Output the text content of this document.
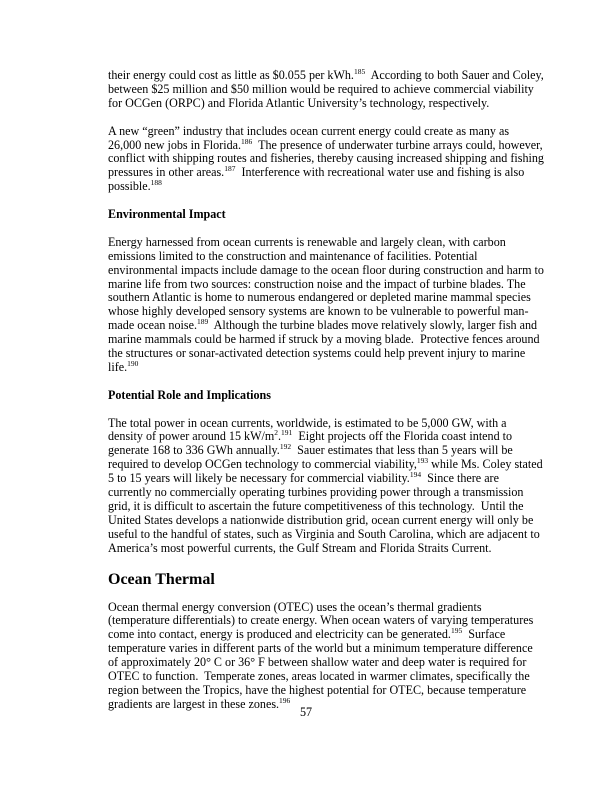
their energy could cost as little as $0.055 per kWh.$^{185}$  According to both Sauer and Coley, between $25 million and $50 million would be required to achieve commercial viability for OCGen (ORPC) and Florida Atlantic University’s technology, respectively.

A new “green” industry that includes ocean current energy could create as many as 26,000 new jobs in Florida.$^{186}$  The presence of underwater turbine arrays could, however, conflict with shipping routes and fisheries, thereby causing increased shipping and fishing pressures in other areas.$^{187}$  Interference with recreational water use and fishing is also possible.$^{188}$

Environmental Impact

Energy harnessed from ocean currents is renewable and largely clean, with carbon emissions limited to the construction and maintenance of facilities. Potential environmental impacts include damage to the ocean floor during construction and harm to marine life from two sources: construction noise and the impact of turbine blades. The southern Atlantic is home to numerous endangered or depleted marine mammal species whose highly developed sensory systems are known to be vulnerable to powerful man-made ocean noise.$^{189}$  Although the turbine blades move relatively slowly, larger fish and marine mammals could be harmed if struck by a moving blade.  Protective fences around the structures or sonar-activated detection systems could help prevent injury to marine life.$^{190}$

Potential Role and Implications

The total power in ocean currents, worldwide, is estimated to be 5,000 GW, with a density of power around 15 $kW/m^2.^{191}$  Eight projects off the Florida coast intend to generate 168 to 336 GWh annually.$^{192}$  Sauer estimates that less than 5 years will be required to develop OCGen technology to commercial viability,$^{193}$ while Ms. Coley stated 5 to 15 years will likely be necessary for commercial viability.$^{194}$  Since there are currently no commercially operating turbines providing power through a transmission grid, it is difficult to ascertain the future competitiveness of this technology.  Until the United States develops a nationwide distribution grid, ocean current energy will only be useful to the handful of states, such as Virginia and South Carolina, which are adjacent to America’s most powerful currents, the Gulf Stream and Florida Straits Current.

Ocean Thermal

Ocean thermal energy conversion (OTEC) uses the ocean’s thermal gradients (temperature differentials) to create energy. When ocean waters of varying temperatures come into contact, energy is produced and electricity can be generated.$^{195}$  Surface temperature varies in different parts of the world but a minimum temperature difference of approximately 20° C or 36° F between shallow water and deep water is required for OTEC to function.  Temperate zones, areas located in warmer climates, specifically the region between the Tropics, have the highest potential for OTEC, because temperature gradients are largest in these zones.$^{196}$

57
